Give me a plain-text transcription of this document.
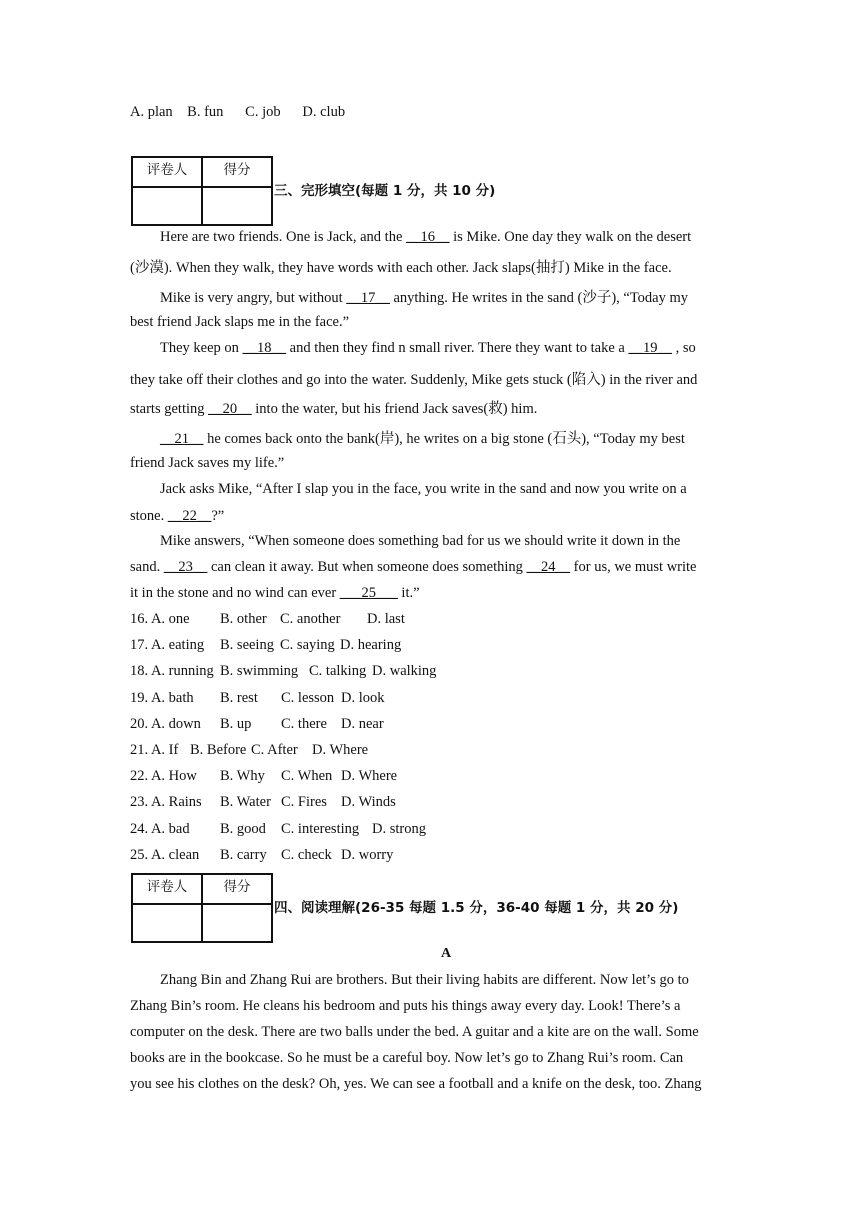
A. plan    B. fun      C. job      D. club
评卷人	得分

三、完形填空(每题 1 分，共 10 分)
Here are two friends. One is Jack, and the __16__ is Mike. One day they walk on the desert
(沙漠). When they walk, they have words with each other. Jack slaps(抽打) Mike in the face.
Mike is very angry, but without __17__ anything. He writes in the sand (沙子), “Today my
best friend Jack slaps me in the face.”
They keep on __18__ and then they find n small river. There they want to take a __19__ , so
they take off their clothes and go into the water. Suddenly, Mike gets stuck (陷入) in the river and
starts getting __20__ into the water, but his friend Jack saves(救) him.
__21__ he comes back onto the bank(岸), he writes on a big stone (石头), “Today my best
friend Jack saves my life.”
Jack asks Mike, “After I slap you in the face, you write in the sand and now you write on a
stone. __22__?”
Mike answers, “When someone does something bad for us we should write it down in the
sand. __23__ can clean it away. But when someone does something __24__ for us, we must write
it in the stone and no wind can ever ___25___ it.”
16. A. one B. other C. another D. last
17. A. eating B. seeing C. saying D. hearing
18. A. running B. swimming C. talking D. walking
19. A. bath B. rest C. lesson D. look
20. A. down B. up C. there D. near
21. A. If B. Before C. After D. Where
22. A. How B. Why C. When D. Where
23. A. Rains B. Water C. Fires D. Winds
24. A. bad B. good C. interesting D. strong
25. A. clean B. carry C. check D. worry
评卷人	得分

四、阅读理解(26-35 每题 1.5 分，36-40 每题 1 分，共 20 分)
A
Zhang Bin and Zhang Rui are brothers. But their living habits are different. Now let’s go to
Zhang Bin’s room. He cleans his bedroom and puts his things away every day. Look! There’s a
computer on the desk. There are two balls under the bed. A guitar and a kite are on the wall. Some
books are in the bookcase. So he must be a careful boy. Now let’s go to Zhang Rui’s room. Can
you see his clothes on the desk? Oh, yes. We can see a football and a knife on the desk, too. Zhang
